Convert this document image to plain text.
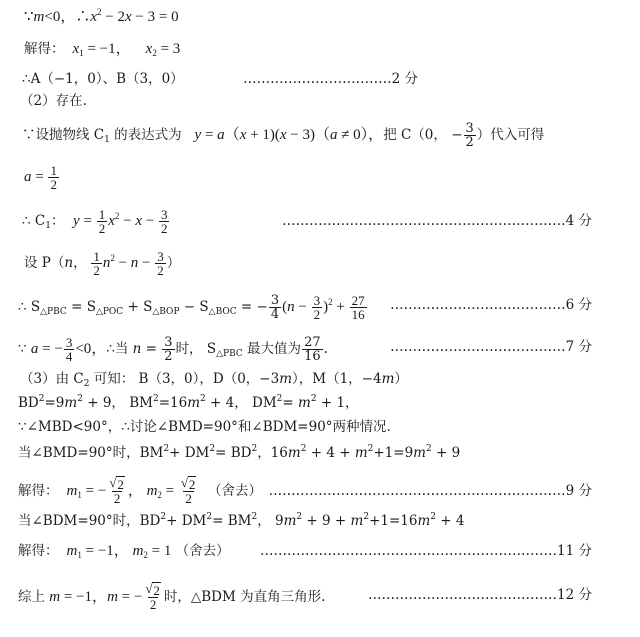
∵m<0，$\therefore x^2 - 2x - 3 = 0$
解得： $x_1 = -1$，    $x_2 = 3$
∴A（−1，0）、B（3，0）	……………………………2 分
（2）存在.
∵设抛物线 $C_1$ 的表达式为   y = a（x + 1)(x − 3)（a ≠ 0），把 C（0， − $\frac{3}{2}$ ）代入可得
$a = \frac{1}{2}$
∴ $C_1$：  $y = \frac{1}{2} x^2 - x - \frac{3}{2}$	………………………………………………………4 分
设 P（n， $\frac{1}{2} n^2 - n - \frac{3}{2}$ ）
∴ $S_{\triangle PBC} = S_{\triangle POC} + S_{\triangle BOP} - S_{\triangle BOC}$ = − $\frac{3}{4} (n - \frac{3}{2} )^2 + \frac{27}{16}$ …………………………………6 分
∵ a = − $\frac{3}{4} <0$，∴当 $n = \frac{3}{2}$ 时， $S_{\triangle PBC}$ 最大值为 $\frac{27}{16}$ .	…………………………………7 分
（3）由 $C_2$ 可知： B（3，0），D（0，−3m），M（1，−4m）
$BD^2=9m^2 + 9$， $BM^2=16m^2 + 4$， $DM^2= m^2 + 1$，
∵∠MBD<90°，∴讨论∠BMD=90°和∠BDM=90°两种情况.
当∠BMD=90°时，$BM^2+ DM^2= BD^2$，$16m^2 + 4 + m^2+1=9m^2 + 9$
解得： $m_1$ = − $\frac{√ 2}{2}$ ， $m_2 = \frac{√ 2}{2}$ （舍去） …………………………………………………………9 分
当∠BDM=90°时，$BD^2+ DM^2= BM^2$， $9m^2 + 9 + m^2+1=16m^2 + 4$
解得： $m_1 = -1$， $m_2 = 1$ （舍去） …………………………………………………………11 分
综上 m = −1，m = − $\frac{√ 2}{2}$ 时，△BDM 为直角三角形.	……………………………………12 分
